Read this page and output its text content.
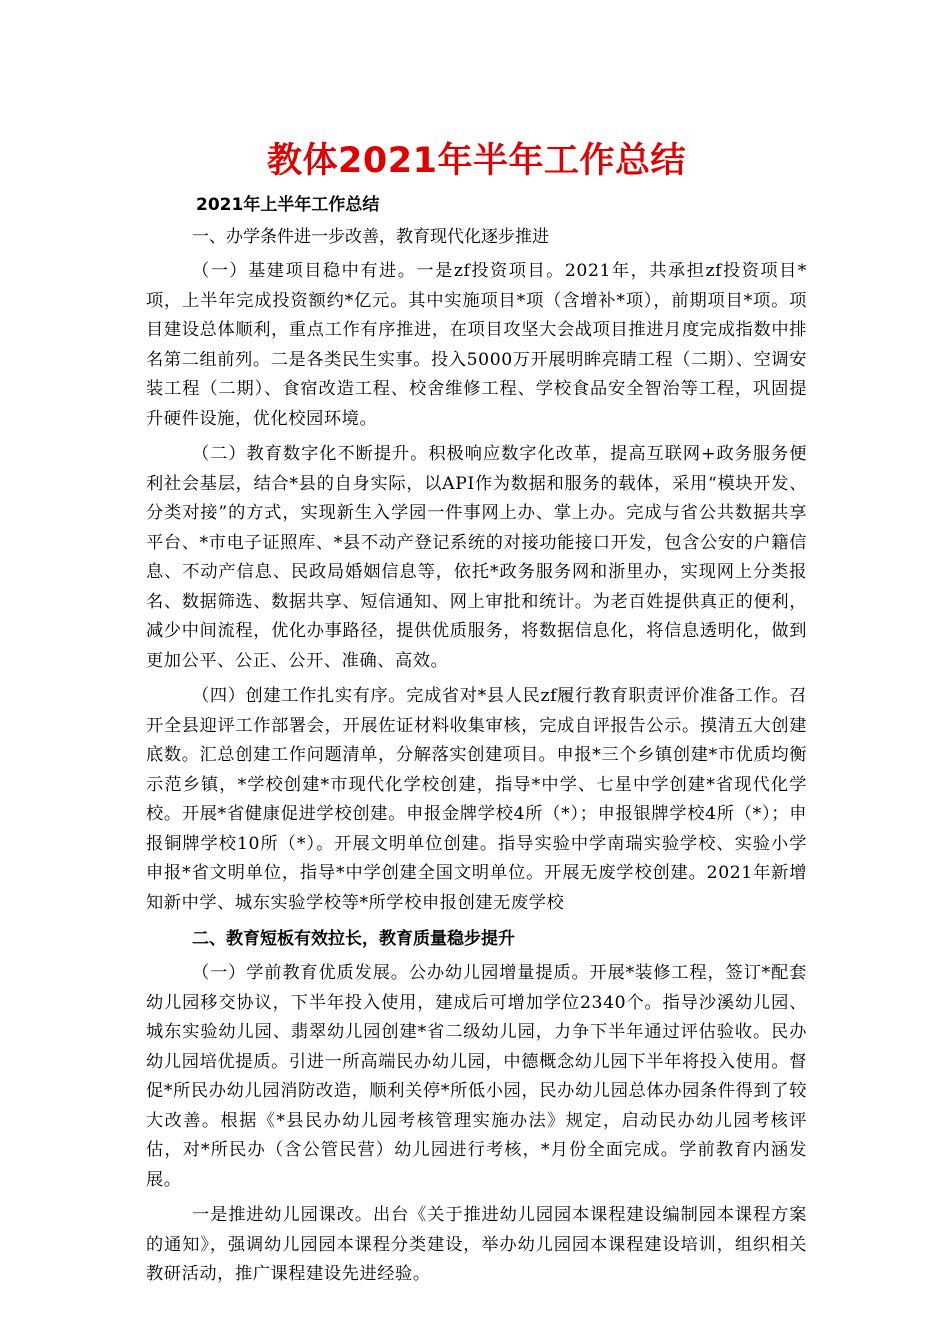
教体2021年半年工作总结

2021年上半年工作总结

一、办学条件进一步改善，教育现代化逐步推进

（一）基建项目稳中有进。一是zf投资项目。2021年，共承担zf投资项目*项，上半年完成投资额约*亿元。其中实施项目*项（含增补*项），前期项目*项。项目建设总体顺利，重点工作有序推进，在项目攻坚大会战项目推进月度完成指数中排名第二组前列。二是各类民生实事。投入5000万开展明眸亮睛工程（二期）、空调安装工程（二期）、食宿改造工程、校舍维修工程、学校食品安全智治等工程，巩固提升硬件设施，优化校园环境。

（二）教育数字化不断提升。积极响应数字化改革，提高互联网+政务服务便利社会基层，结合*县的自身实际，以API作为数据和服务的载体，采用“模块开发、分类对接”的方式，实现新生入学园一件事网上办、掌上办。完成与省公共数据共享平台、*市电子证照库、*县不动产登记系统的对接功能接口开发，包含公安的户籍信息、不动产信息、民政局婚姻信息等，依托*政务服务网和浙里办，实现网上分类报名、数据筛选、数据共享、短信通知、网上审批和统计。为老百姓提供真正的便利，减少中间流程，优化办事路径，提供优质服务，将数据信息化，将信息透明化，做到更加公平、公正、公开、准确、高效。

（四）创建工作扎实有序。完成省对*县人民zf履行教育职责评价准备工作。召开全县迎评工作部署会，开展佐证材料收集审核，完成自评报告公示。摸清五大创建底数。汇总创建工作问题清单，分解落实创建项目。申报*三个乡镇创建*市优质均衡示范乡镇，*学校创建*市现代化学校创建，指导*中学、七星中学创建*省现代化学校。开展*省健康促进学校创建。申报金牌学校4所（*）；申报银牌学校4所（*）；申报铜牌学校10所（*）。开展文明单位创建。指导实验中学南瑞实验学校、实验小学申报*省文明单位，指导*中学创建全国文明单位。开展无废学校创建。2021年新增知新中学、城东实验学校等*所学校申报创建无废学校

二、教育短板有效拉长，教育质量稳步提升

（一）学前教育优质发展。公办幼儿园增量提质。开展*装修工程，签订*配套幼儿园移交协议，下半年投入使用，建成后可增加学位2340个。指导沙溪幼儿园、城东实验幼儿园、翡翠幼儿园创建*省二级幼儿园，力争下半年通过评估验收。民办幼儿园培优提质。引进一所高端民办幼儿园，中德概念幼儿园下半年将投入使用。督促*所民办幼儿园消防改造，顺利关停*所低小园，民办幼儿园总体办园条件得到了较大改善。根据《*县民办幼儿园考核管理实施办法》规定，启动民办幼儿园考核评估，对*所民办（含公管民营）幼儿园进行考核，*月份全面完成。学前教育内涵发展。

一是推进幼儿园课改。出台《关于推进幼儿园园本课程建设编制园本课程方案的通知》，强调幼儿园园本课程分类建设，举办幼儿园园本课程建设培训，组织相关教研活动，推广课程建设先进经验。
